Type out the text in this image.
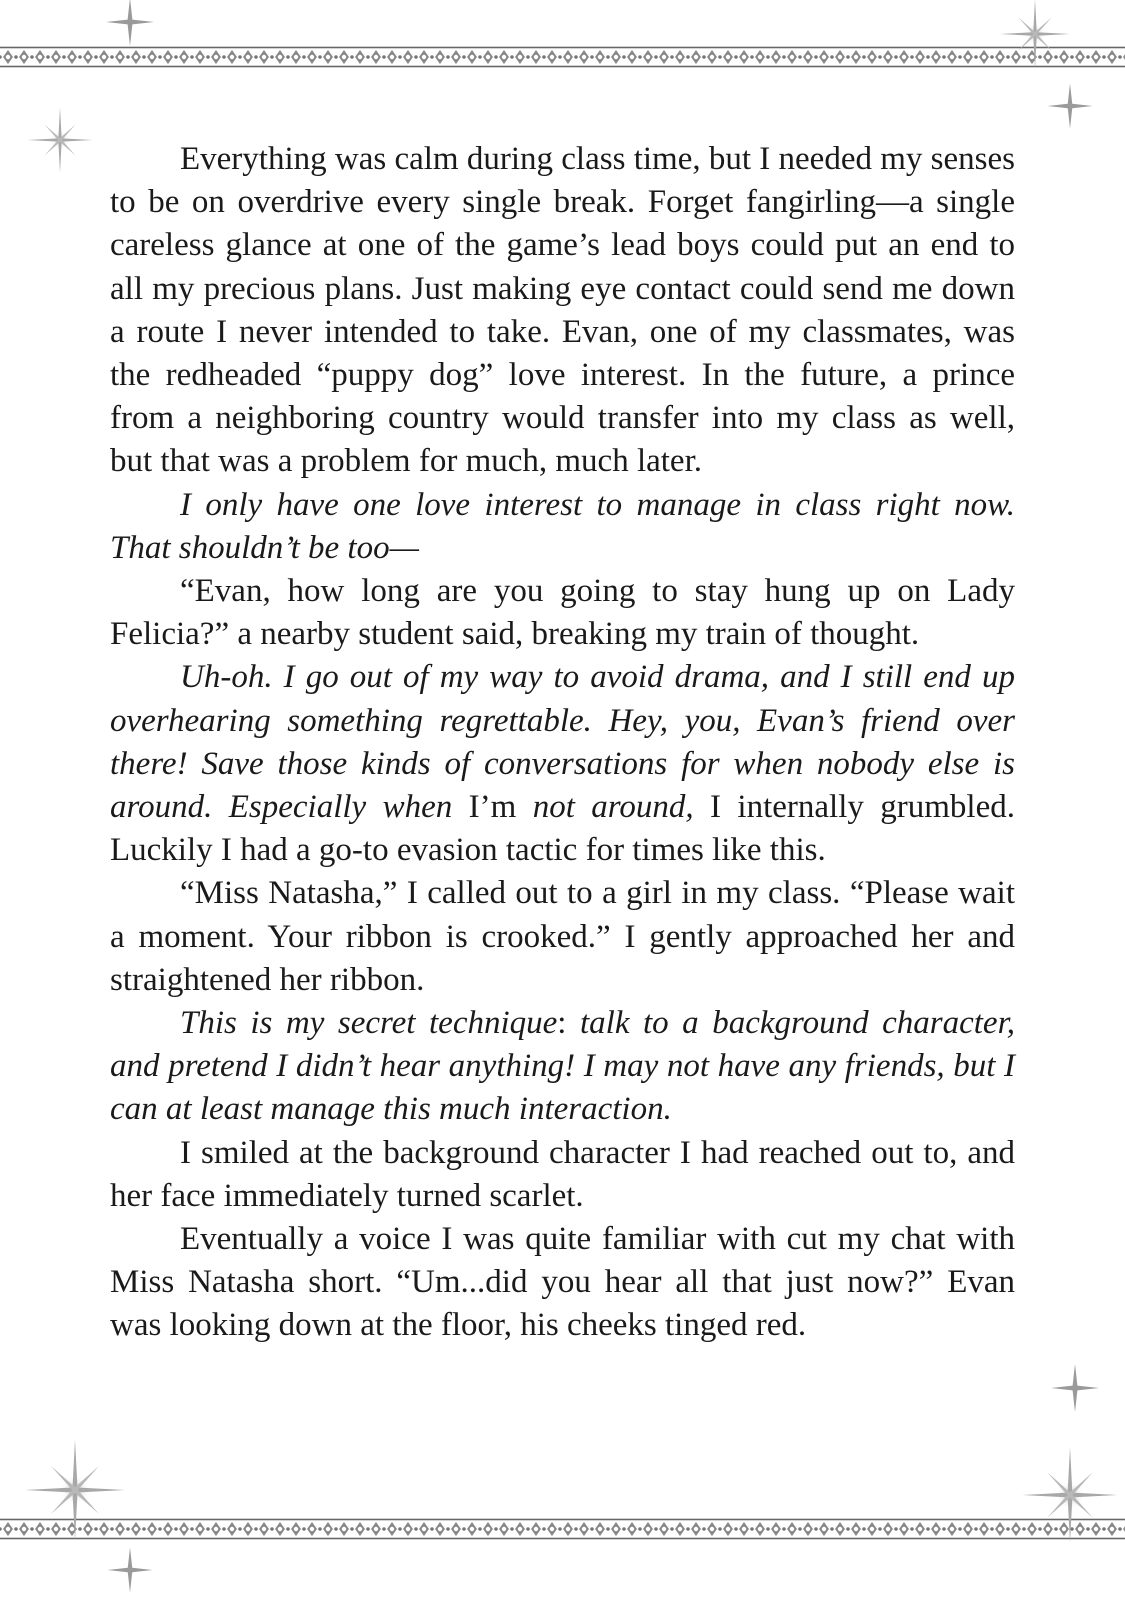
Everything was calm during class time, but I needed my senses to be on overdrive every single break. Forget fangirling—a single careless glance at one of the game’s lead boys could put an end to all my precious plans. Just making eye contact could send me down a route I never intended to take. Evan, one of my classmates, was the redheaded “puppy dog” love interest. In the future, a prince from a neighboring country would transfer into my class as well, but that was a problem for much, much later.

I only have one love interest to manage in class right now. That shouldn’t be too—

“Evan, how long are you going to stay hung up on Lady Felicia?” a nearby student said, breaking my train of thought.

Uh-oh. I go out of my way to avoid drama, and I still end up overhearing something regrettable. Hey, you, Evan’s friend over there! Save those kinds of conversations for when nobody else is around. Especially when I’m not around, I internally grumbled. Luckily I had a go-to evasion tactic for times like this.

“Miss Natasha,” I called out to a girl in my class. “Please wait a moment. Your ribbon is crooked.” I gently approached her and straightened her ribbon.

This is my secret technique: talk to a background character, and pretend I didn’t hear anything! I may not have any friends, but I can at least manage this much interaction.

I smiled at the background character I had reached out to, and her face immediately turned scarlet.

Eventually a voice I was quite familiar with cut my chat with Miss Natasha short. “Um...did you hear all that just now?” Evan was looking down at the floor, his cheeks tinged red.
